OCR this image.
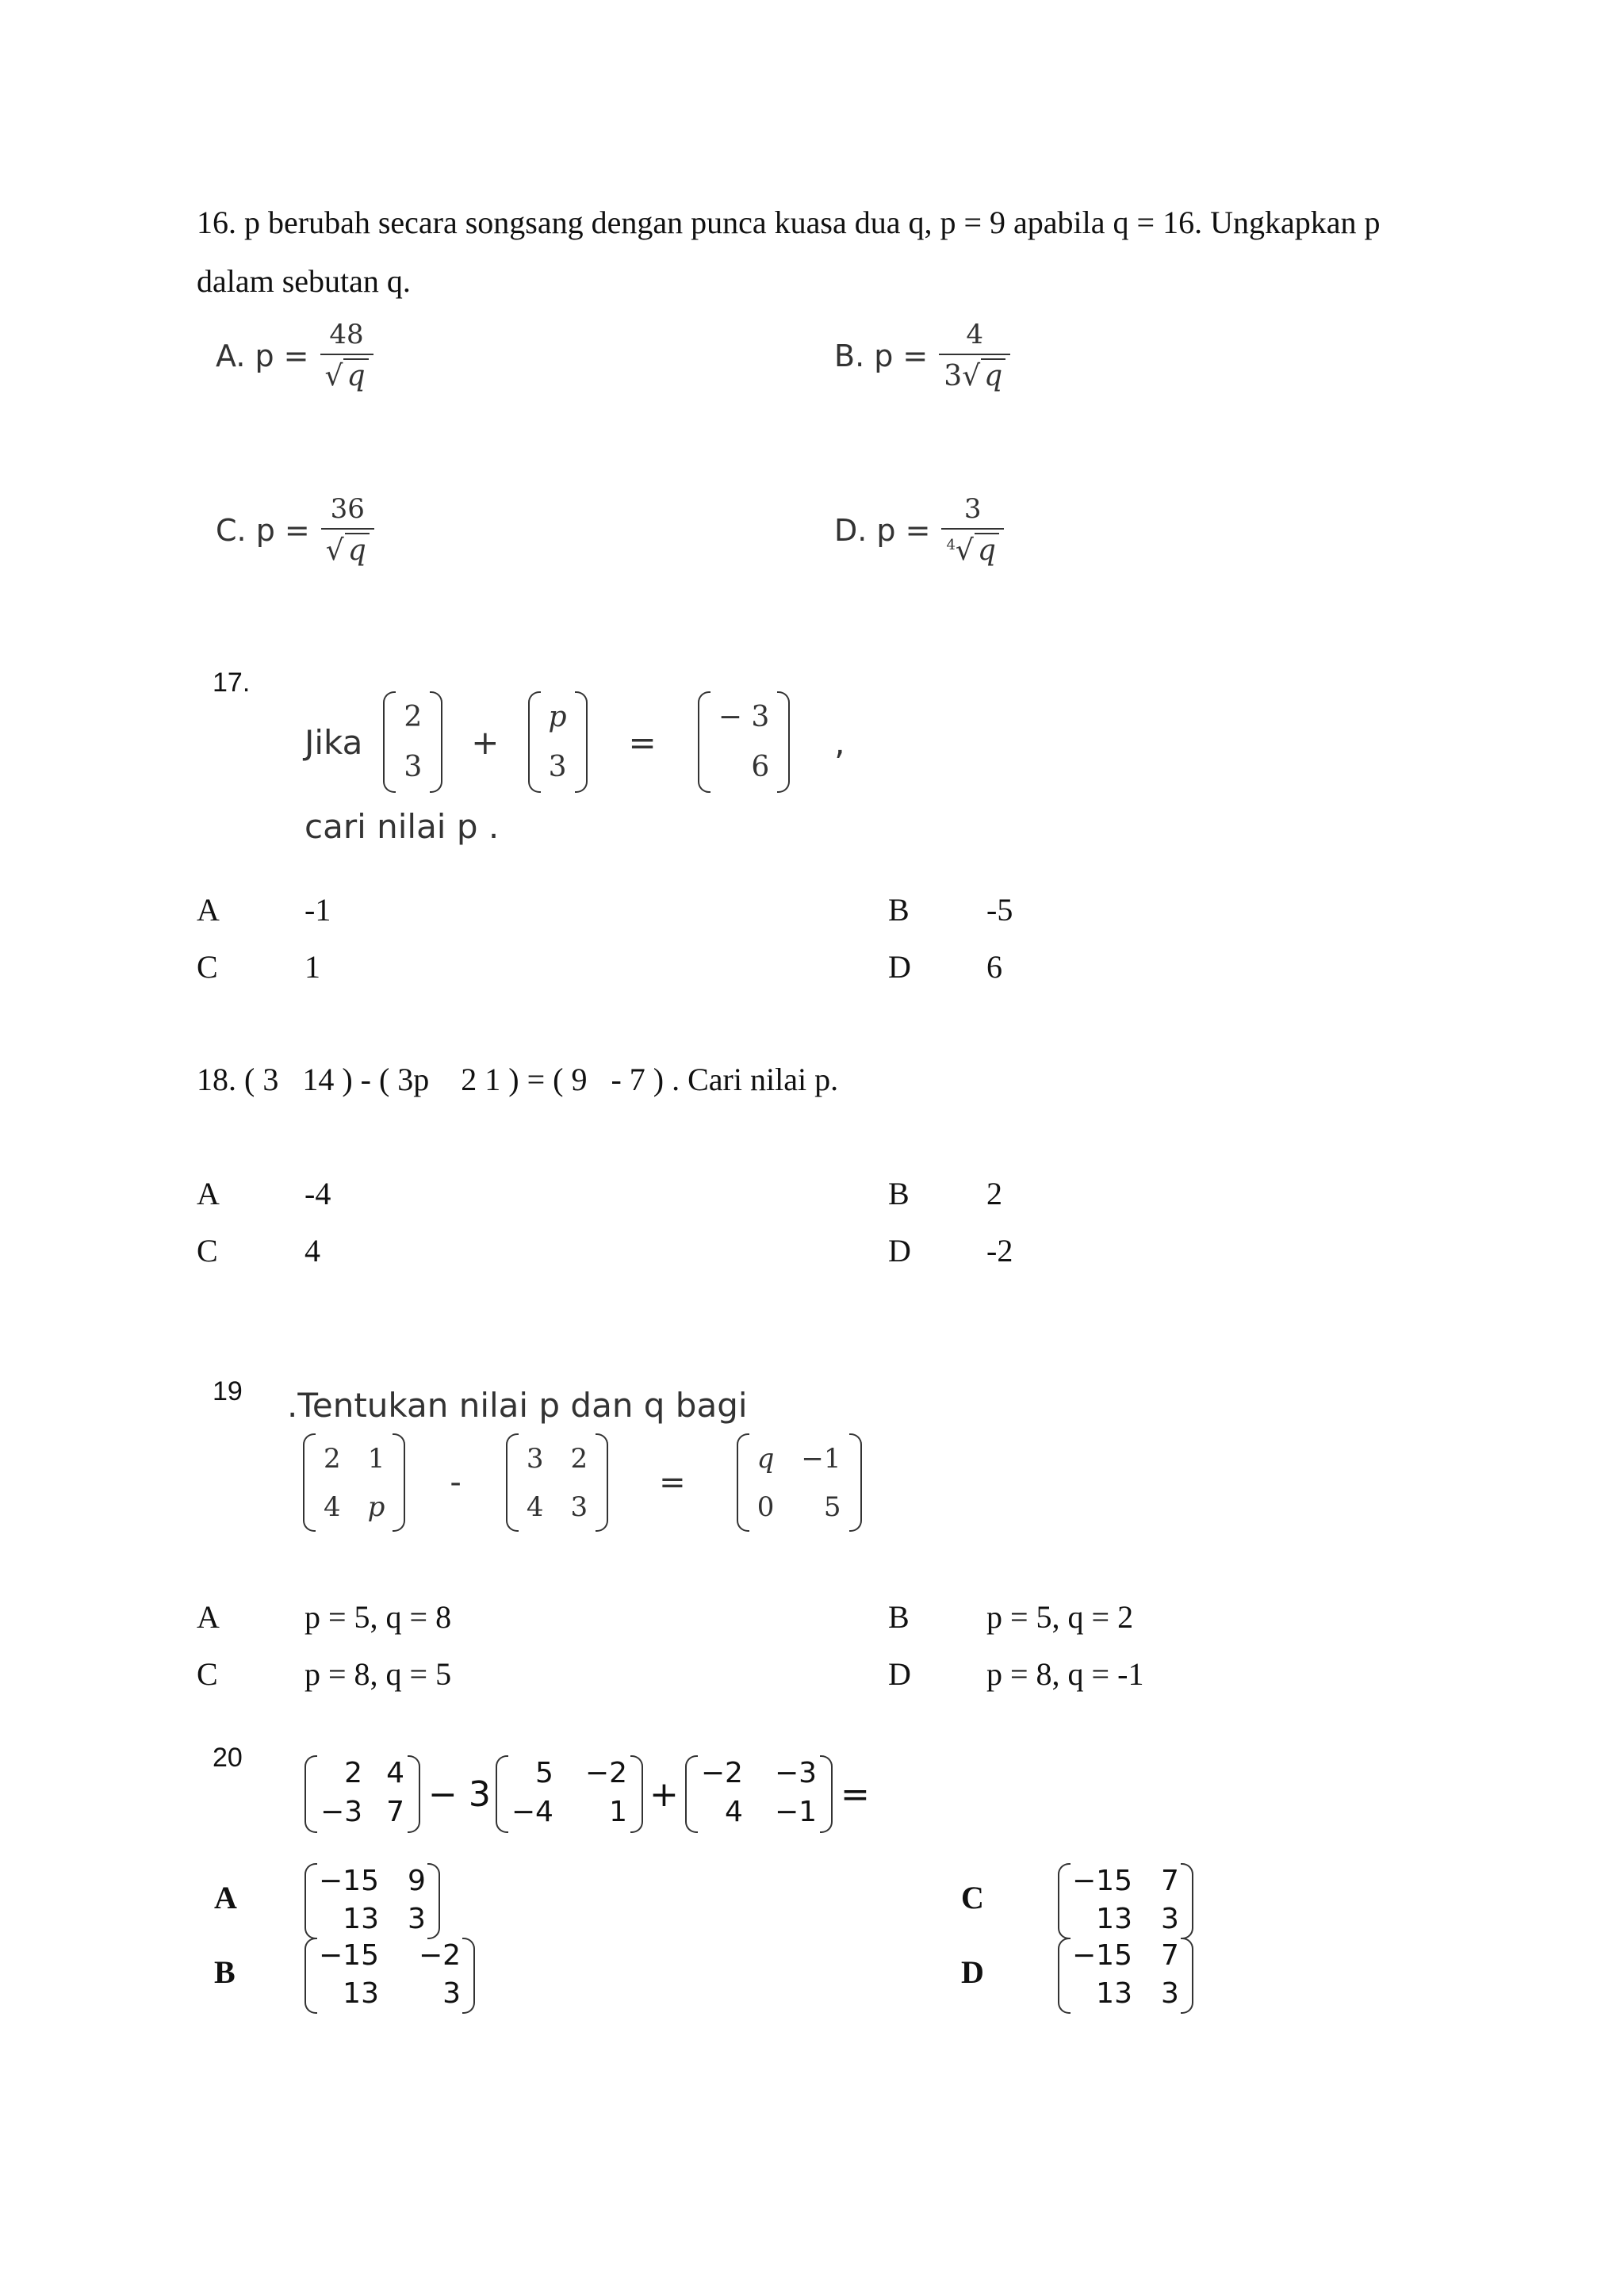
16. p berubah secara songsang dengan punca kuasa dua q, p = 9 apabila q = 16. Ungkapkan p dalam sebutan q.
A. $p = \frac{48}{√ q}$	B. $p = \frac{4}{3√ q}$
C. $p = \frac{36}{√ q}$	D. $p = \frac{3}{^4√ q}$
17.
Jika
2
3
+
p
3
=
− 3
6
,
cari nilai p .
A	-1	B -5
C	1	D 6
18. ( 3   14 ) - ( 3p    2 1 ) = ( 9   - 7 ) . Cari nilai p.
A	-4	B 2
C	4	D -2
19 .Tentukan nilai p dan q bagi
2 1
4 p
-
3 2
4 3
=
q −1
0	5
A	p = 5, q = 8	B p = 5, q = 2
C	p = 8, q = 5	D p = 8, q = -1
20	2 4
−3 7 − 3
5 −2
−4	1 +
−2 −3
4 −1 =
A	−15 9
13 3
B	−15 −2
13	3
C	−15 7
13 3
D	−15 7
13 3
